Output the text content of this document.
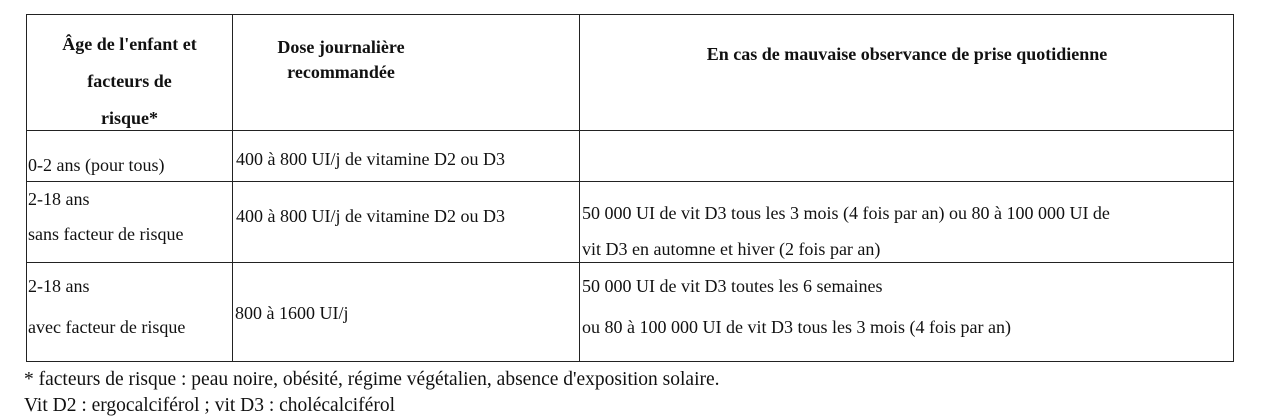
Âge de l'enfant et
facteurs de
risque*
Dose journalière
recommandée
En cas de mauvaise observance de prise quotidienne
0-2 ans (pour tous)	400 à 800 UI/j de vitamine D2 ou D3
2-18 ans
sans facteur de risque
400 à 800 UI/j de vitamine D2 ou D3	50 000 UI de vit D3 tous les 3 mois (4 fois par an) ou 80 à 100 000 UI de
vit D3 en automne et hiver (2 fois par an)
2-18 ans
avec facteur de risque
800 à 1600 UI/j
50 000 UI de vit D3 toutes les 6 semaines
ou 80 à 100 000 UI de vit D3 tous les 3 mois (4 fois par an)
* facteurs de risque : peau noire, obésité, régime végétalien, absence d'exposition solaire.
Vit D2 : ergocalciférol ; vit D3 : cholécalciférol
